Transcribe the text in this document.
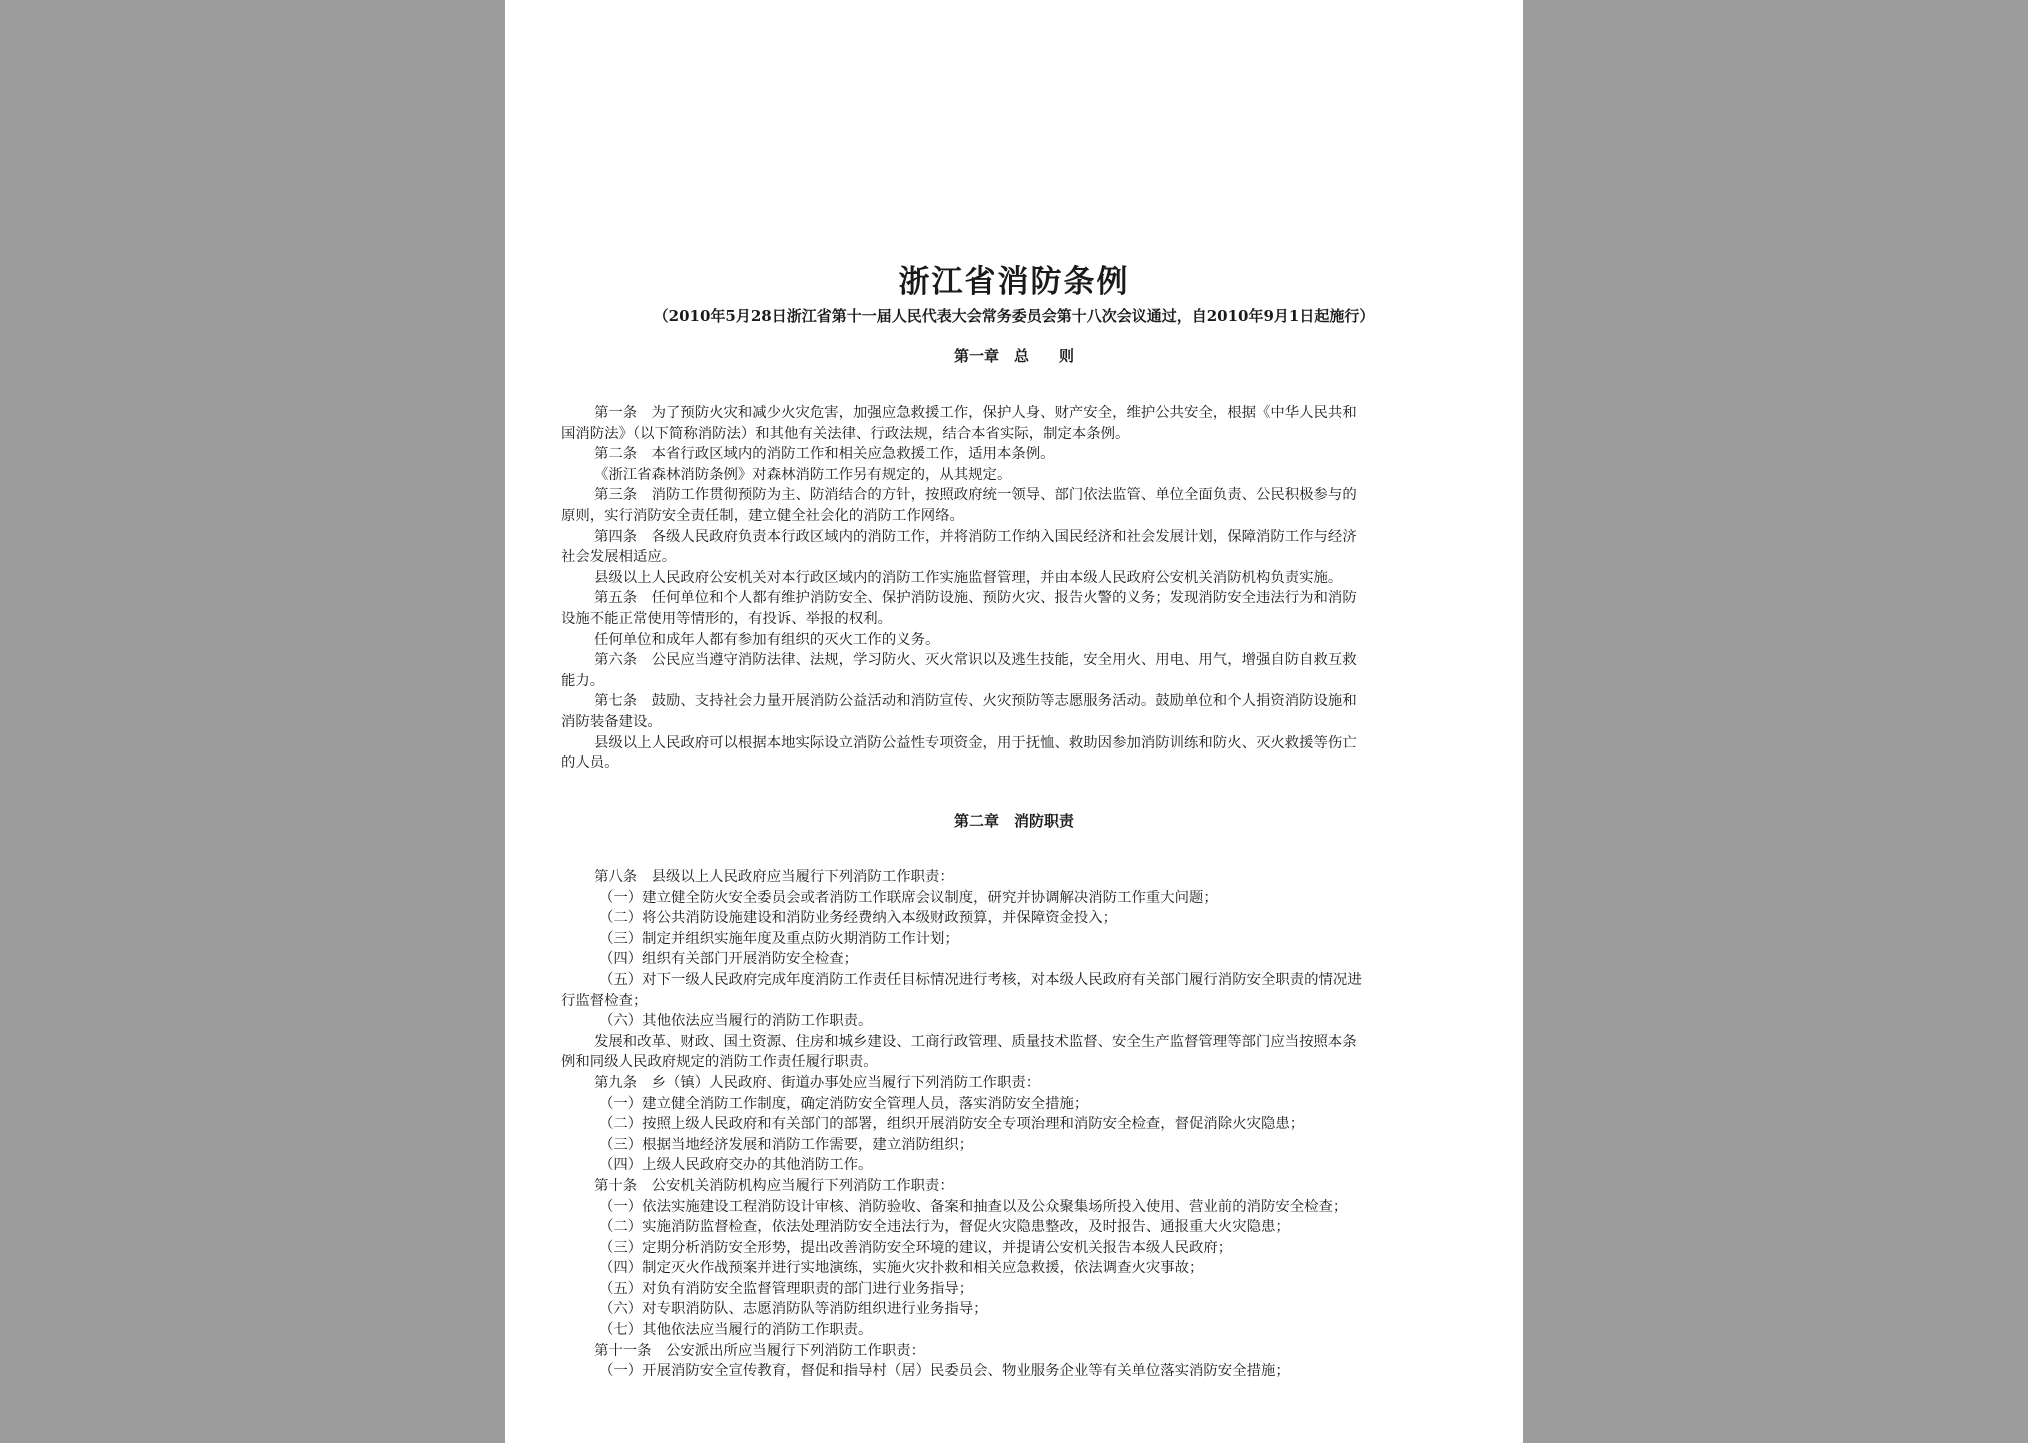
浙江省消防条例
（2010年5月28日浙江省第十一届人民代表大会常务委员会第十八次会议通过，自2010年9月1日起施行）
第一章　总　　则

第一条　为了预防火灾和减少火灾危害，加强应急救援工作，保护人身、财产安全，维护公共安全，根据《中华人民共和

国消防法》（以下简称消防法）和其他有关法律、行政法规，结合本省实际，制定本条例。

第二条　本省行政区域内的消防工作和相关应急救援工作，适用本条例。

《浙江省森林消防条例》对森林消防工作另有规定的，从其规定。

第三条　消防工作贯彻预防为主、防消结合的方针，按照政府统一领导、部门依法监管、单位全面负责、公民积极参与的

原则，实行消防安全责任制，建立健全社会化的消防工作网络。

第四条　各级人民政府负责本行政区域内的消防工作，并将消防工作纳入国民经济和社会发展计划，保障消防工作与经济

社会发展相适应。

县级以上人民政府公安机关对本行政区域内的消防工作实施监督管理，并由本级人民政府公安机关消防机构负责实施。

第五条　任何单位和个人都有维护消防安全、保护消防设施、预防火灾、报告火警的义务；发现消防安全违法行为和消防

设施不能正常使用等情形的，有投诉、举报的权利。

任何单位和成年人都有参加有组织的灭火工作的义务。

第六条　公民应当遵守消防法律、法规，学习防火、灭火常识以及逃生技能，安全用火、用电、用气，增强自防自救互救

能力。

第七条　鼓励、支持社会力量开展消防公益活动和消防宣传、火灾预防等志愿服务活动。鼓励单位和个人捐资消防设施和

消防装备建设。

县级以上人民政府可以根据本地实际设立消防公益性专项资金，用于抚恤、救助因参加消防训练和防火、灭火救援等伤亡

的人员。

第二章　消防职责

第八条　县级以上人民政府应当履行下列消防工作职责：

（一）建立健全防火安全委员会或者消防工作联席会议制度，研究并协调解决消防工作重大问题；

（二）将公共消防设施建设和消防业务经费纳入本级财政预算，并保障资金投入；

（三）制定并组织实施年度及重点防火期消防工作计划；

（四）组织有关部门开展消防安全检查；

（五）对下一级人民政府完成年度消防工作责任目标情况进行考核，对本级人民政府有关部门履行消防安全职责的情况进

行监督检查；

（六）其他依法应当履行的消防工作职责。

发展和改革、财政、国土资源、住房和城乡建设、工商行政管理、质量技术监督、安全生产监督管理等部门应当按照本条

例和同级人民政府规定的消防工作责任履行职责。

第九条　乡（镇）人民政府、街道办事处应当履行下列消防工作职责：

（一）建立健全消防工作制度，确定消防安全管理人员，落实消防安全措施；

（二）按照上级人民政府和有关部门的部署，组织开展消防安全专项治理和消防安全检查，督促消除火灾隐患；

（三）根据当地经济发展和消防工作需要，建立消防组织；

（四）上级人民政府交办的其他消防工作。

第十条　公安机关消防机构应当履行下列消防工作职责：

（一）依法实施建设工程消防设计审核、消防验收、备案和抽查以及公众聚集场所投入使用、营业前的消防安全检查；

（二）实施消防监督检查，依法处理消防安全违法行为，督促火灾隐患整改，及时报告、通报重大火灾隐患；

（三）定期分析消防安全形势，提出改善消防安全环境的建议，并提请公安机关报告本级人民政府；

（四）制定灭火作战预案并进行实地演练，实施火灾扑救和相关应急救援，依法调查火灾事故；

（五）对负有消防安全监督管理职责的部门进行业务指导；

（六）对专职消防队、志愿消防队等消防组织进行业务指导；

（七）其他依法应当履行的消防工作职责。

第十一条　公安派出所应当履行下列消防工作职责：

（一）开展消防安全宣传教育，督促和指导村（居）民委员会、物业服务企业等有关单位落实消防安全措施；
